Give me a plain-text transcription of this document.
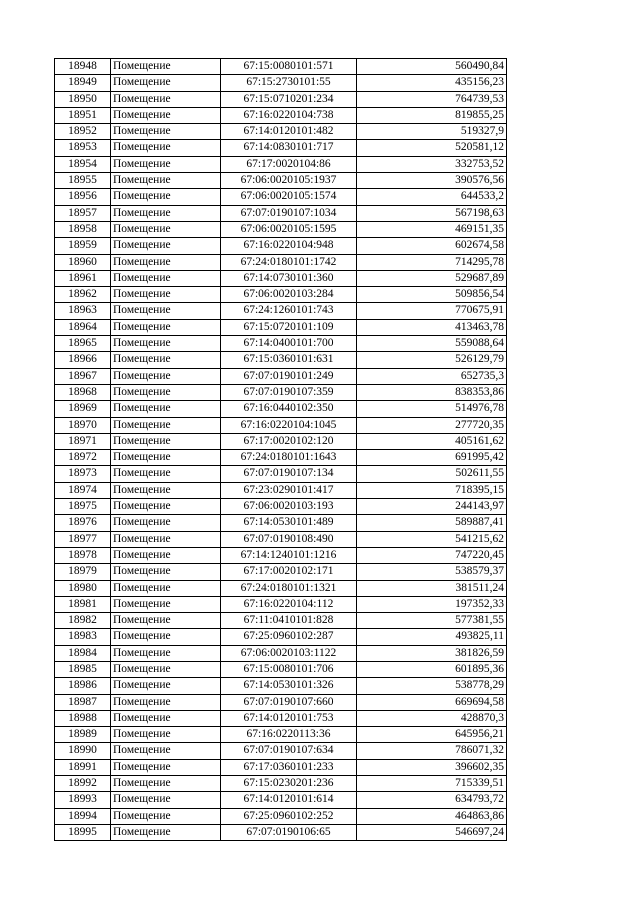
18948	Помещение	67:15:0080101:571	560490,84
18949	Помещение	67:15:2730101:55	435156,23
18950	Помещение	67:15:0710201:234	764739,53
18951	Помещение	67:16:0220104:738	819855,25
18952	Помещение	67:14:0120101:482	519327,9
18953	Помещение	67:14:0830101:717	520581,12
18954	Помещение	67:17:0020104:86	332753,52
18955	Помещение	67:06:0020105:1937	390576,56
18956	Помещение	67:06:0020105:1574	644533,2
18957	Помещение	67:07:0190107:1034	567198,63
18958	Помещение	67:06:0020105:1595	469151,35
18959	Помещение	67:16:0220104:948	602674,58
18960	Помещение	67:24:0180101:1742	714295,78
18961	Помещение	67:14:0730101:360	529687,89
18962	Помещение	67:06:0020103:284	509856,54
18963	Помещение	67:24:1260101:743	770675,91
18964	Помещение	67:15:0720101:109	413463,78
18965	Помещение	67:14:0400101:700	559088,64
18966	Помещение	67:15:0360101:631	526129,79
18967	Помещение	67:07:0190101:249	652735,3
18968	Помещение	67:07:0190107:359	838353,86
18969	Помещение	67:16:0440102:350	514976,78
18970	Помещение	67:16:0220104:1045	277720,35
18971	Помещение	67:17:0020102:120	405161,62
18972	Помещение	67:24:0180101:1643	691995,42
18973	Помещение	67:07:0190107:134	502611,55
18974	Помещение	67:23:0290101:417	718395,15
18975	Помещение	67:06:0020103:193	244143,97
18976	Помещение	67:14:0530101:489	589887,41
18977	Помещение	67:07:0190108:490	541215,62
18978	Помещение	67:14:1240101:1216	747220,45
18979	Помещение	67:17:0020102:171	538579,37
18980	Помещение	67:24:0180101:1321	381511,24
18981	Помещение	67:16:0220104:112	197352,33
18982	Помещение	67:11:0410101:828	577381,55
18983	Помещение	67:25:0960102:287	493825,11
18984	Помещение	67:06:0020103:1122	381826,59
18985	Помещение	67:15:0080101:706	601895,36
18986	Помещение	67:14:0530101:326	538778,29
18987	Помещение	67:07:0190107:660	669694,58
18988	Помещение	67:14:0120101:753	428870,3
18989	Помещение	67:16:0220113:36	645956,21
18990	Помещение	67:07:0190107:634	786071,32
18991	Помещение	67:17:0360101:233	396602,35
18992	Помещение	67:15:0230201:236	715339,51
18993	Помещение	67:14:0120101:614	634793,72
18994	Помещение	67:25:0960102:252	464863,86
18995	Помещение	67:07:0190106:65	546697,24
